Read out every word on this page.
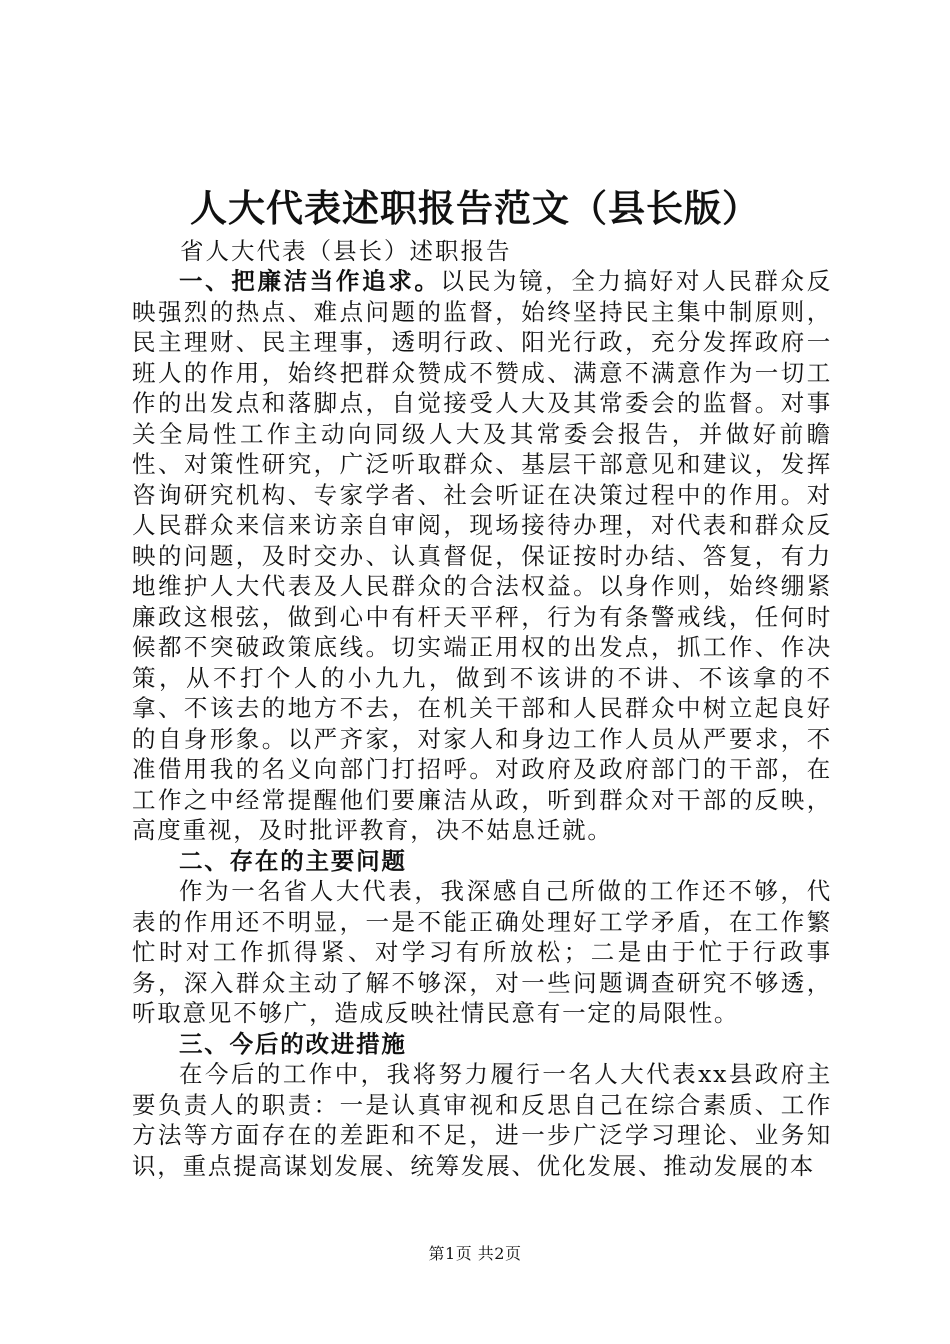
人大代表述职报告范文（县长版）
省人大代表（县长）述职报告

一、把廉洁当作追求。以民为镜，全力搞好对人民群众反映强烈的热点、难点问题的监督，始终坚持民主集中制原则，民主理财、民主理事，透明行政、阳光行政，充分发挥政府一班人的作用，始终把群众赞成不赞成、满意不满意作为一切工作的出发点和落脚点，自觉接受人大及其常委会的监督。对事关全局性工作主动向同级人大及其常委会报告，并做好前瞻性、对策性研究，广泛听取群众、基层干部意见和建议，发挥咨询研究机构、专家学者、社会听证在决策过程中的作用。对人民群众来信来访亲自审阅，现场接待办理，对代表和群众反映的问题，及时交办、认真督促，保证按时办结、答复，有力地维护人大代表及人民群众的合法权益。以身作则，始终绷紧廉政这根弦，做到心中有杆天平秤，行为有条警戒线，任何时候都不突破政策底线。切实端正用权的出发点，抓工作、作决策，从不打个人的小九九，做到不该讲的不讲、不该拿的不拿、不该去的地方不去，在机关干部和人民群众中树立起良好的自身形象。以严齐家，对家人和身边工作人员从严要求，不准借用我的名义向部门打招呼。对政府及政府部门的干部，在工作之中经常提醒他们要廉洁从政，听到群众对干部的反映，高度重视，及时批评教育，决不姑息迁就。

二、存在的主要问题

作为一名省人大代表，我深感自己所做的工作还不够，代表的作用还不明显，一是不能正确处理好工学矛盾，在工作繁忙时对工作抓得紧、对学习有所放松；二是由于忙于行政事务，深入群众主动了解不够深，对一些问题调查研究不够透，听取意见不够广，造成反映社情民意有一定的局限性。

三、今后的改进措施

在今后的工作中，我将努力履行一名人大代表xx县政府主要负责人的职责：一是认真审视和反思自己在综合素质、工作方法等方面存在的差距和不足，进一步广泛学习理论、业务知识，重点提高谋划发展、统筹发展、优化发展、推动发展的本

第1页 共2页
